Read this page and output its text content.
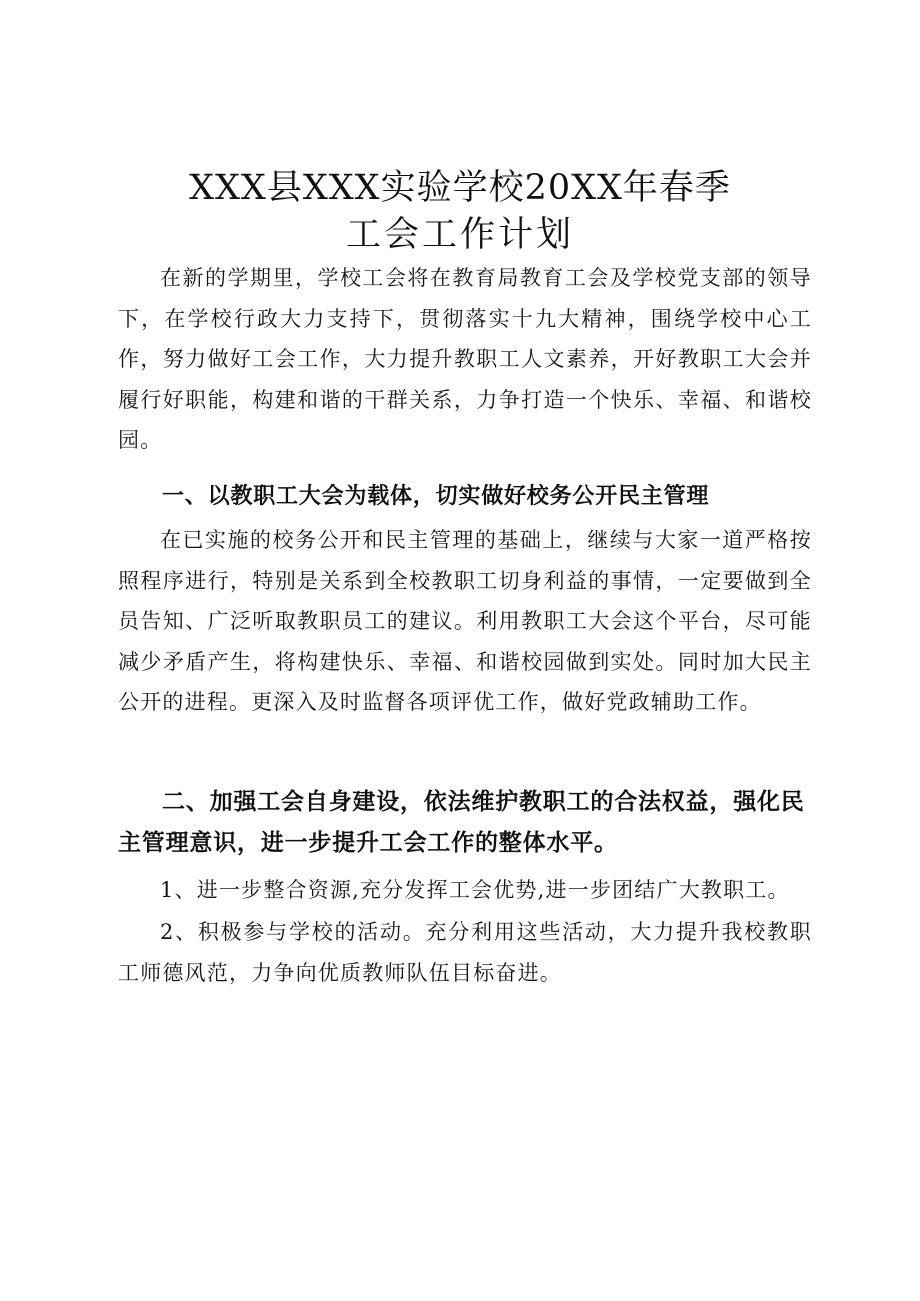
XXX县XXX实验学校20XX年春季
工会工作计划

在新的学期里，学校工会将在教育局教育工会及学校党支部的领导下，在学校行政大力支持下，贯彻落实十九大精神，围绕学校中心工作，努力做好工会工作，大力提升教职工人文素养，开好教职工大会并履行好职能，构建和谐的干群关系，力争打造一个快乐、幸福、和谐校园。

一、以教职工大会为载体，切实做好校务公开民主管理

在已实施的校务公开和民主管理的基础上，继续与大家一道严格按照程序进行，特别是关系到全校教职工切身利益的事情，一定要做到全员告知、广泛听取教职员工的建议。利用教职工大会这个平台，尽可能减少矛盾产生，将构建快乐、幸福、和谐校园做到实处。同时加大民主公开的进程。更深入及时监督各项评优工作，做好党政辅助工作。

二、加强工会自身建设，依法维护教职工的合法权益，强化民主管理意识，进一步提升工会工作的整体水平。

1、进一步整合资源,充分发挥工会优势,进一步团结广大教职工。

2、积极参与学校的活动。充分利用这些活动，大力提升我校教职工师德风范，力争向优质教师队伍目标奋进。
